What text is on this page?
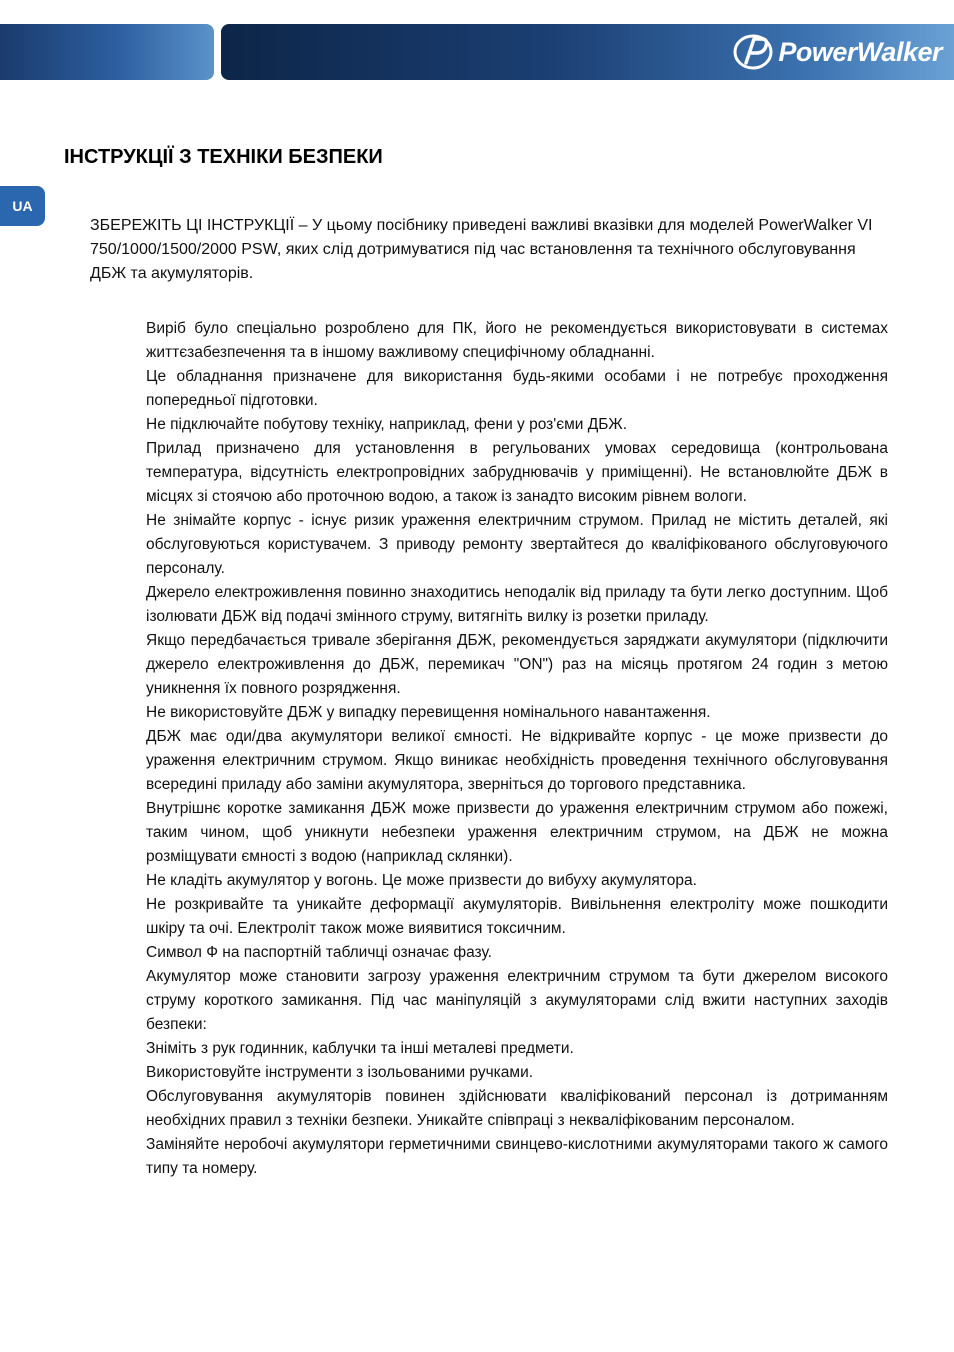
PowerWalker
UA
ІНСТРУКЦІЇ З ТЕХНІКИ БЕЗПЕКИ

ЗБЕРЕЖІТЬ ЦІ ІНСТРУКЦІЇ – У цьому посібнику приведені важливі вказівки для моделей PowerWalker VI 750/1000/1500/2000 PSW, яких слід дотримуватися під час встановлення та технічного обслуговування ДБЖ та акумуляторів.

Виріб було спеціально розроблено для ПК, його не рекомендується використовувати в системах життєзабезпечення та в іншому важливому специфічному обладнанні.
Це обладнання призначене для використання будь-якими особами і не потребує проходження попередньої підготовки.
Не підключайте побутову техніку, наприклад, фени у роз'єми ДБЖ.
Прилад призначено для установлення в регульованих умовах середовища (контрольована температура, відсутність електропровідних забруднювачів у приміщенні). Не встановлюйте ДБЖ в місцях зі стоячою або проточною водою, а також із занадто високим рівнем вологи.
Не знімайте корпус - існує ризик ураження електричним струмом. Прилад не містить деталей, які обслуговуються користувачем. З приводу ремонту звертайтеся до кваліфікованого обслуговуючого персоналу.
Джерело електроживлення повинно знаходитись неподалік від приладу та бути легко доступним. Щоб ізолювати ДБЖ від подачі змінного струму, витягніть вилку із розетки приладу.
Якщо передбачається тривале зберігання ДБЖ, рекомендується заряджати акумулятори (підключити джерело електроживлення до ДБЖ, перемикач "ON") раз на місяць протягом 24 годин з метою уникнення їх повного розрядження.
Не використовуйте ДБЖ у випадку перевищення номінального навантаження.
ДБЖ має оди/два акумулятори великої ємності. Не відкривайте корпус - це може призвести до ураження електричним струмом. Якщо виникає необхідність проведення технічного обслуговування всередині приладу або заміни акумулятора, зверніться до торгового представника.
Внутрішнє коротке замикання ДБЖ може призвести до ураження електричним струмом або пожежі, таким чином, щоб уникнути небезпеки ураження електричним струмом, на ДБЖ не можна розміщувати ємності з водою (наприклад склянки).
Не кладіть акумулятор у вогонь. Це може призвести до вибуху акумулятора.
Не розкривайте та уникайте деформації акумуляторів. Вивільнення електроліту може пошкодити шкіру та очі. Електроліт також може виявитися токсичним.
Символ Ф на паспортній табличці означає фазу.
Акумулятор може становити загрозу ураження електричним струмом та бути джерелом високого струму короткого замикання. Під час маніпуляцій з акумуляторами слід вжити наступних заходів безпеки:
Зніміть з рук годинник, каблучки та інші металеві предмети.
Використовуйте інструменти з ізольованими ручками.
Обслуговування акумуляторів повинен здійснювати кваліфікований персонал із дотриманням необхідних правил з техніки безпеки. Уникайте співпраці з некваліфікованим персоналом.
Заміняйте неробочі акумулятори герметичними свинцево-кислотними акумуляторами такого ж самого типу та номеру.
